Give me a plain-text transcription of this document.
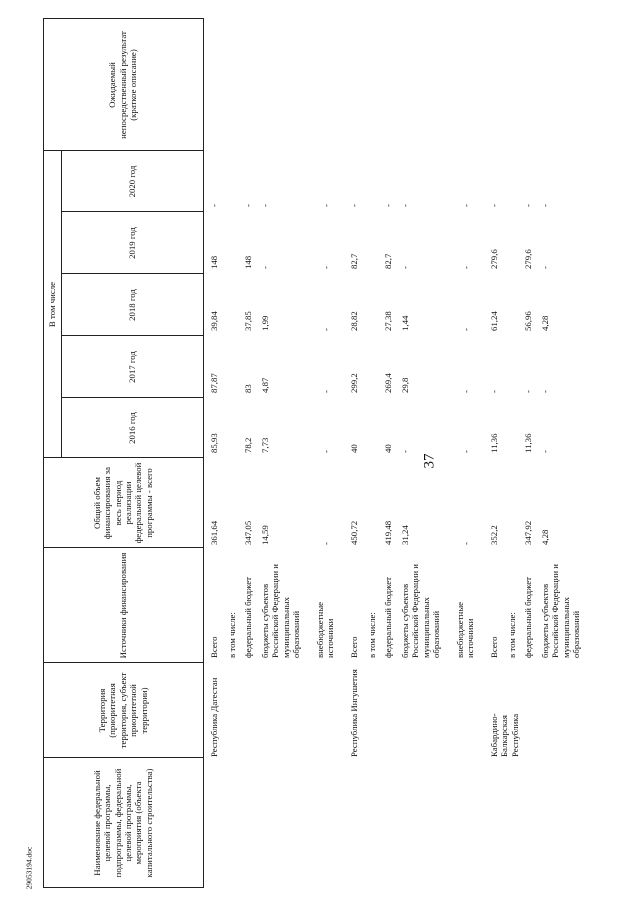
37
29053194.doc	Наименование федеральной целевой программы, подпрограммы, федеральной целевой программы, мероприятия (объекта капитального строительства)
Территория (приоритетная территория, субъект приоритетной территории)
Источники финансирования
Общий объем финансирования за весь период реализации федеральной целевой программы - всего
В том числе
2016 год
2017 год
2018 год
2019 год
2020 год
Ожидаемый непосредственный результат (краткое описание)
Республика Дагестан
Всего
361,64
85,93
87,87
39,84
148
-
в том числе: федеральный бюджет
347,05
78,2
83
37,85
148
-
бюджеты субъектов Российской Федерации и муниципальных образований
14,59
7,73
4,87
1,99
-
-
внебюджетные источники
-
-
-
-
-
-
Республика Ингушетия
Всего
450,72
40
299,2
28,82
82,7
-
в том числе: федеральный бюджет
419,48
40
269,4
27,38
82,7
-
бюджеты субъектов Российской Федерации и муниципальных образований
31,24
-
29,8
1,44
-
-
внебюджетные источники
-
-
-
-
-
-
Кабардино-Балкарская Республика
Всего
352,2
11,36
-
61,24
279,6
-
в том числе: федеральный бюджет
347,92
11,36
-
56,96
279,6
-
бюджеты субъектов Российской Федерации и муниципальных образований
4,28
-
-
4,28
-
-
